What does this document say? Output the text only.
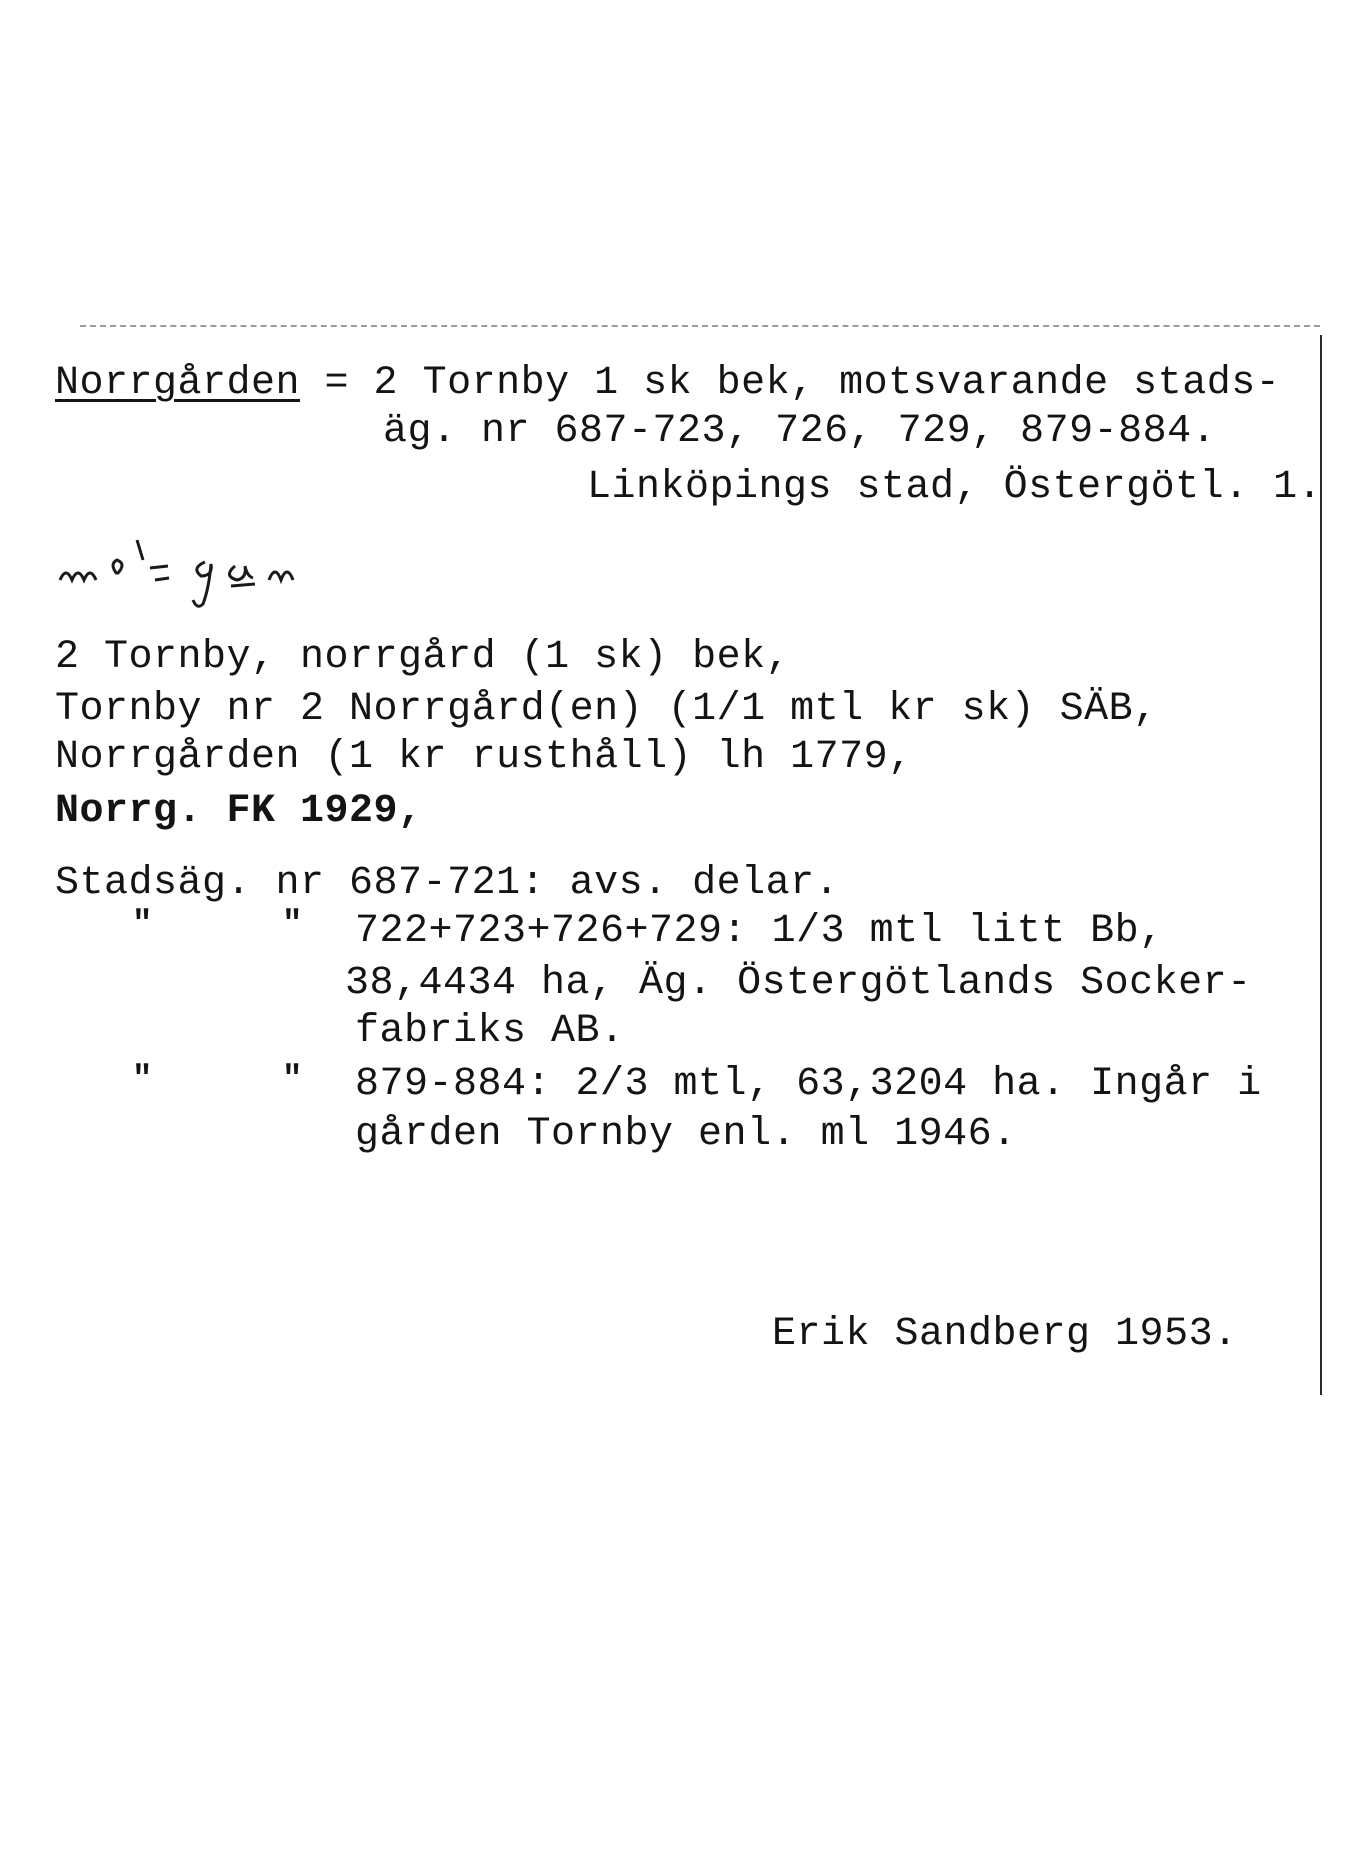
Norrgården = 2 Tornby 1 sk bek, motsvarande stads-
äg. nr 687-723, 726, 729, 879-884.
Linköpings stad, Östergötl. 1.
2 Tornby, norrgård (1 sk) bek,
Tornby nr 2 Norrgård(en) (1/1 mtl kr sk) SÄB,
Norrgården (1 kr rusthåll) lh 1779,
Norrg. FK 1929,
Stadsäg. nr 687-721: avs. delar.
"	" 722+723+726+729: 1/3 mtl litt Bb,
38,4434 ha, Äg. Östergötlands Socker-
fabriks AB.
"	" 879-884: 2/3 mtl, 63,3204 ha. Ingår i
gården Tornby enl. ml 1946.
Erik Sandberg 1953.
